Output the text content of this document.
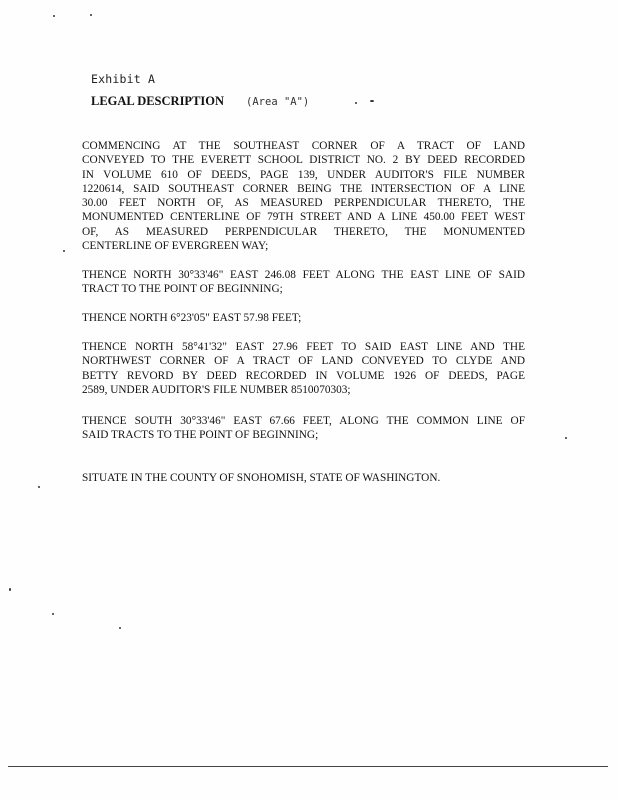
Exhibit A
LEGAL DESCRIPTION (Area "A")
COMMENCING AT THE SOUTHEAST CORNER OF A TRACT OF LAND
CONVEYED TO THE EVERETT SCHOOL DISTRICT NO. 2 BY DEED RECORDED
IN VOLUME 610 OF DEEDS, PAGE 139, UNDER AUDITOR'S FILE NUMBER
1220614, SAID SOUTHEAST CORNER BEING THE INTERSECTION OF A LINE
30.00 FEET NORTH OF, AS MEASURED PERPENDICULAR THERETO, THE
MONUMENTED CENTERLINE OF 79TH STREET AND A LINE 450.00 FEET WEST
OF, AS MEASURED PERPENDICULAR THERETO, THE MONUMENTED
CENTERLINE OF EVERGREEN WAY;
THENCE NORTH 30°33'46" EAST 246.08 FEET ALONG THE EAST LINE OF SAID
TRACT TO THE POINT OF BEGINNING;
THENCE NORTH 6°23'05" EAST 57.98 FEET;
THENCE NORTH 58°41'32" EAST 27.96 FEET TO SAID EAST LINE AND THE
NORTHWEST CORNER OF A TRACT OF LAND CONVEYED TO CLYDE AND
BETTY REVORD BY DEED RECORDED IN VOLUME 1926 OF DEEDS, PAGE
2589, UNDER AUDITOR'S FILE NUMBER 8510070303;
THENCE SOUTH 30°33'46" EAST 67.66 FEET, ALONG THE COMMON LINE OF
SAID TRACTS TO THE POINT OF BEGINNING;
SITUATE IN THE COUNTY OF SNOHOMISH, STATE OF WASHINGTON.
